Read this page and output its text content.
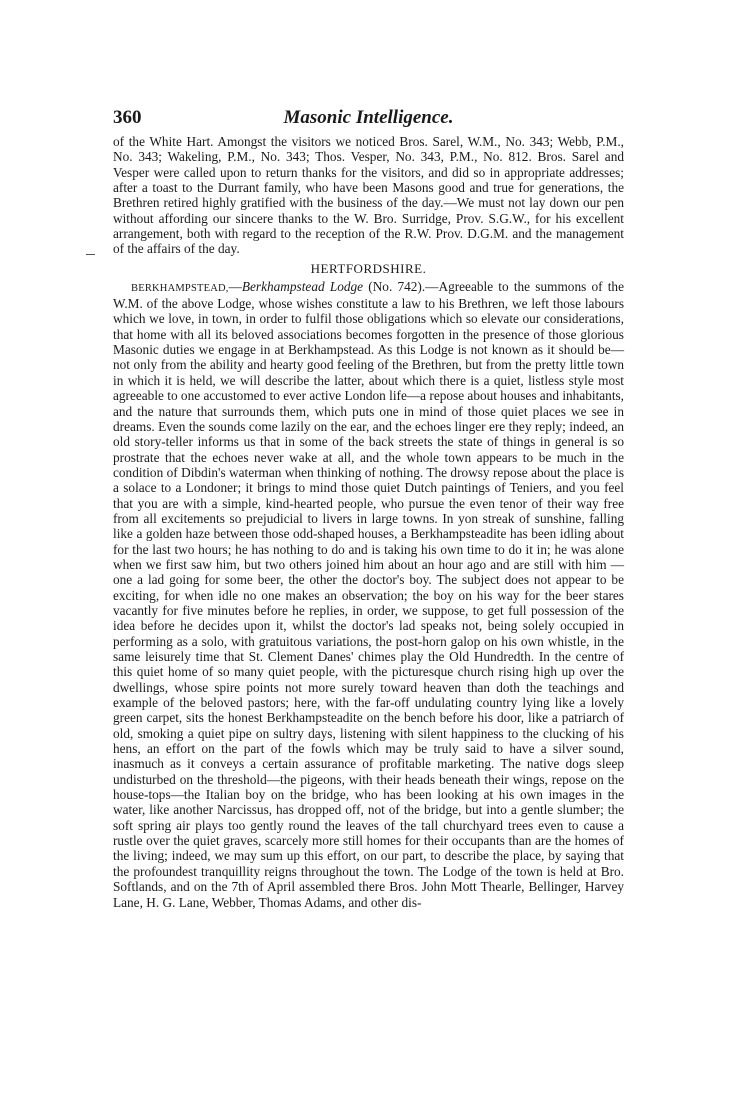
360	Masonic Intelligence.

of the White Hart. Amongst the visitors we noticed Bros. Sarel, W.M., No. 343; Webb, P.M., No. 343; Wakeling, P.M., No. 343; Thos. Vesper, No. 343, P.M., No. 812. Bros. Sarel and Vesper were called upon to return thanks for the visitors, and did so in appropriate addresses; after a toast to the Durrant family, who have been Masons good and true for generations, the Brethren retired highly gratified with the business of the day.—We must not lay down our pen without affording our sincere thanks to the W. Bro. Surridge, Prov. S.G.W., for his excellent arrangement, both with regard to the reception of the R.W. Prov. D.G.M. and the management of the affairs of the day.

HERTFORDSHIRE.

BERKHAMPSTEAD,—Berkhampstead Lodge (No. 742).—Agreeable to the summons of the W.M. of the above Lodge, whose wishes constitute a law to his Brethren, we left those labours which we love, in town, in order to fulfil those obligations which so elevate our considerations, that home with all its beloved associations becomes forgotten in the presence of those glorious Masonic duties we engage in at Berkhampstead. As this Lodge is not known as it should be—not only from the ability and hearty good feeling of the Brethren, but from the pretty little town in which it is held, we will describe the latter, about which there is a quiet, listless style most agreeable to one accustomed to ever active London life—a repose about houses and inhabitants, and the nature that surrounds them, which puts one in mind of those quiet places we see in dreams. Even the sounds come lazily on the ear, and the echoes linger ere they reply; indeed, an old story-teller informs us that in some of the back streets the state of things in general is so prostrate that the echoes never wake at all, and the whole town appears to be much in the condition of Dibdin's waterman when thinking of nothing. The drowsy repose about the place is a solace to a Londoner; it brings to mind those quiet Dutch paintings of Teniers, and you feel that you are with a simple, kind-hearted people, who pursue the even tenor of their way free from all excitements so prejudicial to livers in large towns. In yon streak of sunshine, falling like a golden haze between those odd-shaped houses, a Berkhampsteadite has been idling about for the last two hours; he has nothing to do and is taking his own time to do it in; he was alone when we first saw him, but two others joined him about an hour ago and are still with him — one a lad going for some beer, the other the doctor's boy. The subject does not appear to be exciting, for when idle no one makes an observation; the boy on his way for the beer stares vacantly for five minutes before he replies, in order, we suppose, to get full possession of the idea before he decides upon it, whilst the doctor's lad speaks not, being solely occupied in performing as a solo, with gratuitous variations, the post-horn galop on his own whistle, in the same leisurely time that St. Clement Danes' chimes play the Old Hundredth. In the centre of this quiet home of so many quiet people, with the picturesque church rising high up over the dwellings, whose spire points not more surely toward heaven than doth the teachings and example of the beloved pastors; here, with the far-off undulating country lying like a lovely green carpet, sits the honest Berkhampsteadite on the bench before his door, like a patriarch of old, smoking a quiet pipe on sultry days, listening with silent happiness to the clucking of his hens, an effort on the part of the fowls which may be truly said to have a silver sound, inasmuch as it conveys a certain assurance of profitable marketing. The native dogs sleep undisturbed on the threshold—the pigeons, with their heads beneath their wings, repose on the house-tops—the Italian boy on the bridge, who has been looking at his own images in the water, like another Narcissus, has dropped off, not of the bridge, but into a gentle slumber; the soft spring air plays too gently round the leaves of the tall churchyard trees even to cause a rustle over the quiet graves, scarcely more still homes for their occupants than are the homes of the living; indeed, we may sum up this effort, on our part, to describe the place, by saying that the profoundest tranquillity reigns throughout the town. The Lodge of the town is held at Bro. Softlands, and on the 7th of April assembled there Bros. John Mott Thearle, Bellinger, Harvey Lane, H. G. Lane, Webber, Thomas Adams, and other dis-
